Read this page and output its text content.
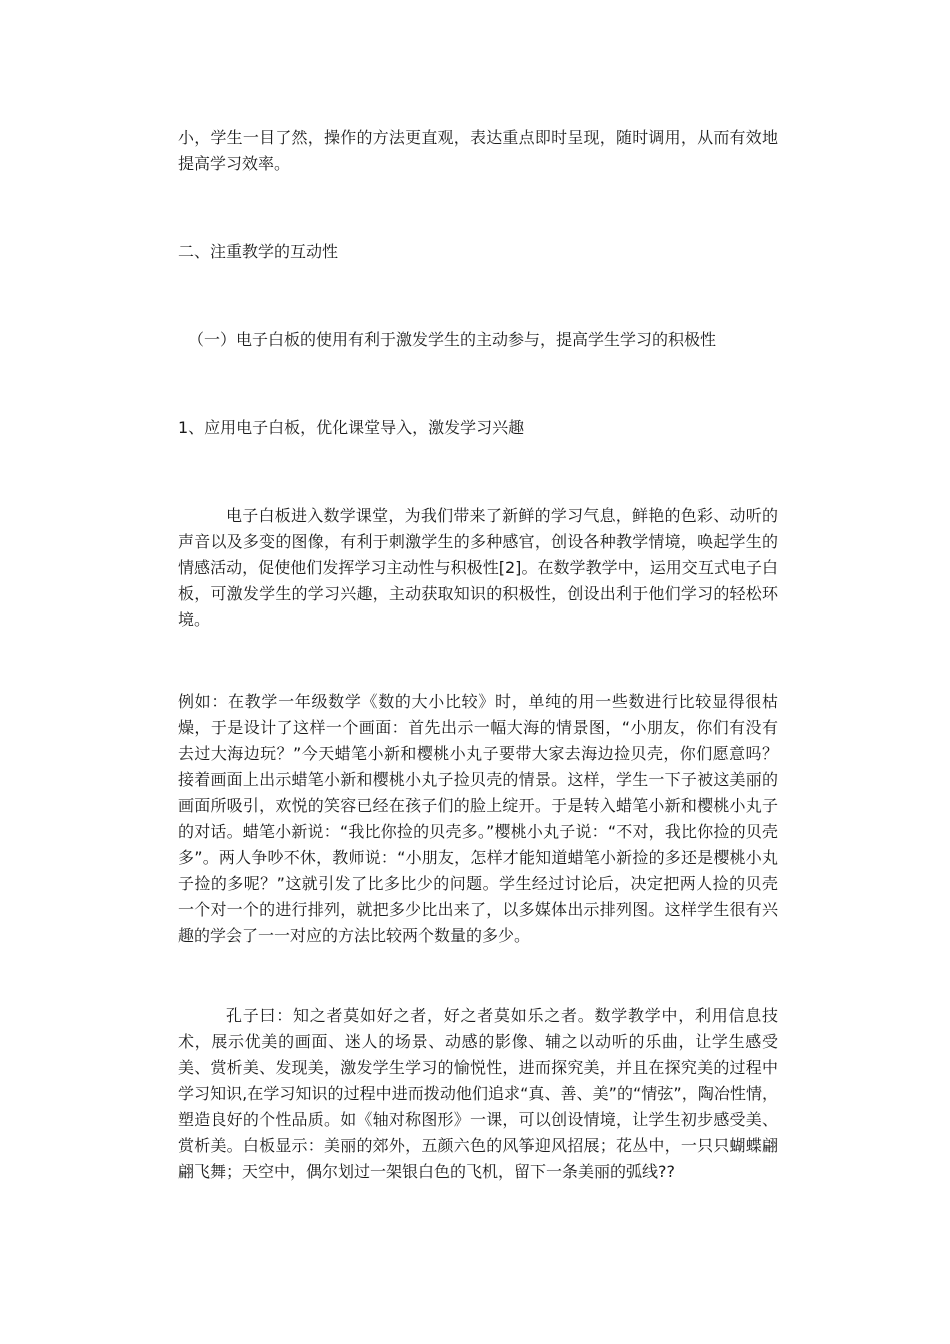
小，学生一目了然，操作的方法更直观，表达重点即时呈现，随时调用，从而有效地提高学习效率。

二、注重教学的互动性

（一）电子白板的使用有利于激发学生的主动参与，提高学生学习的积极性

1、应用电子白板，优化课堂导入，激发学习兴趣

电子白板进入数学课堂，为我们带来了新鲜的学习气息，鲜艳的色彩、动听的声音以及多变的图像，有利于刺激学生的多种感官，创设各种教学情境，唤起学生的情感活动，促使他们发挥学习主动性与积极性[2]。在数学教学中，运用交互式电子白板，可激发学生的学习兴趣，主动获取知识的积极性，创设出利于他们学习的轻松环境。

例如：在教学一年级数学《数的大小比较》时，单纯的用一些数进行比较显得很枯燥，于是设计了这样一个画面：首先出示一幅大海的情景图，“小朋友，你们有没有去过大海边玩？”今天蜡笔小新和樱桃小丸子要带大家去海边捡贝壳，你们愿意吗？接着画面上出示蜡笔小新和樱桃小丸子捡贝壳的情景。这样，学生一下子被这美丽的画面所吸引，欢悦的笑容已经在孩子们的脸上绽开。于是转入蜡笔小新和樱桃小丸子的对话。蜡笔小新说：“我比你捡的贝壳多。”樱桃小丸子说：“不对，我比你捡的贝壳多”。两人争吵不休，教师说：“小朋友，怎样才能知道蜡笔小新捡的多还是樱桃小丸子捡的多呢？”这就引发了比多比少的问题。学生经过讨论后，决定把两人捡的贝壳一个对一个的进行排列，就把多少比出来了，以多媒体出示排列图。这样学生很有兴趣的学会了一一对应的方法比较两个数量的多少。

孔子曰：知之者莫如好之者，好之者莫如乐之者。数学教学中，利用信息技术，展示优美的画面、迷人的场景、动感的影像、辅之以动听的乐曲，让学生感受美、赏析美、发现美，激发学生学习的愉悦性，进而探究美，并且在探究美的过程中学习知识,在学习知识的过程中进而拨动他们追求“真、善、美”的“情弦”，陶冶性情，塑造良好的个性品质。如《轴对称图形》一课，可以创设情境，让学生初步感受美、赏析美。白板显示：美丽的郊外，五颜六色的风筝迎风招展；花丛中，一只只蝴蝶翩翩飞舞；天空中，偶尔划过一架银白色的飞机，留下一条美丽的弧线??
